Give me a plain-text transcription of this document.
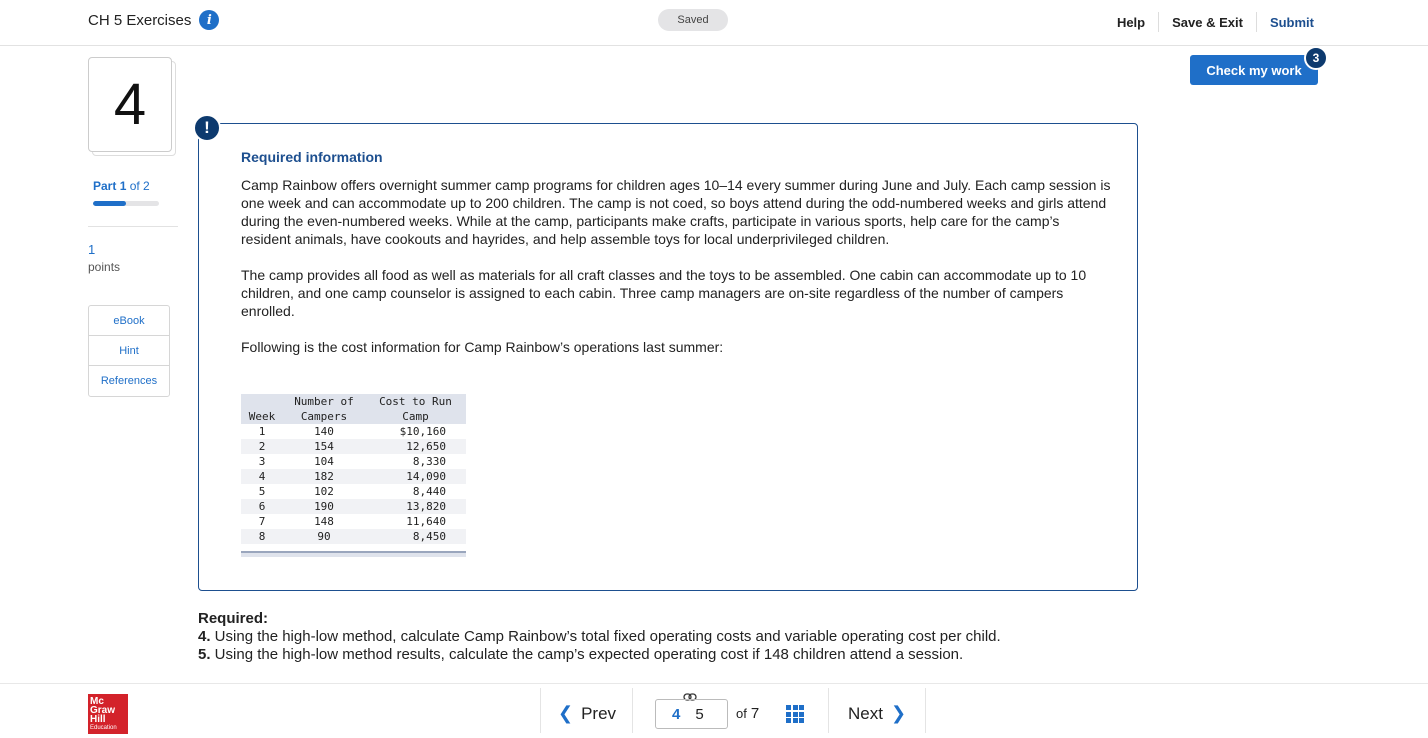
CH 5 Exercises	i	Saved	Help	Save & Exit	Submit
4
Part 1 of 2
1
points
eBook
Hint
References
Check my work
3
!
Required information

Camp Rainbow offers overnight summer camp programs for children ages 10–14 every summer during June and July. Each camp session is one week and can accommodate up to 200 children. The camp is not coed, so boys attend during the odd-numbered weeks and girls attend during the even-numbered weeks. While at the camp, participants make crafts, participate in various sports, help care for the camp’s resident animals, have cookouts and hayrides, and help assemble toys for local underprivileged children.

The camp provides all food as well as materials for all craft classes and the toys to be assembled. One cabin can accommodate up to 10 children, and one camp counselor is assigned to each cabin. Three camp managers are on-site regardless of the number of campers enrolled.

Following is the cost information for Camp Rainbow’s operations last summer:

	Number of	Cost to Run
Week	Campers	Camp
1	140	$10,160
2	154	12,650
3	104	8,330
4	182	14,090
5	102	8,440
6	190	13,820
7	148	11,640
8	90	8,450
Required:
4. Using the high-low method, calculate Camp Rainbow’s total fixed operating costs and variable operating cost per child.
5. Using the high-low method results, calculate the camp’s expected operating cost if 148 children attend a session.
Mc
Graw
Hill
Education
❮ Prev	4 5 of 7	Next ❯
